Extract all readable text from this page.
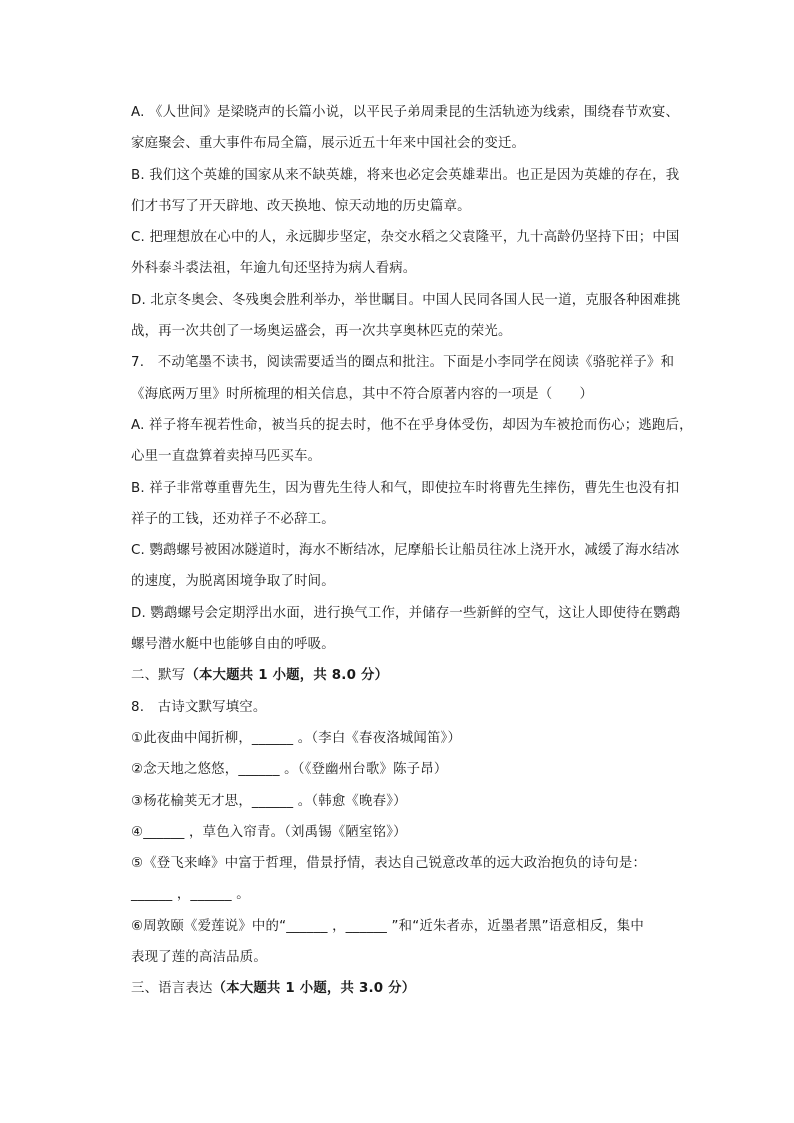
A. 《人世间》是梁晓声的长篇小说，以平民子弟周秉昆的生活轨迹为线索，围绕春节欢宴、
家庭聚会、重大事件布局全篇，展示近五十年来中国社会的变迁。
B. 我们这个英雄的国家从来不缺英雄，将来也必定会英雄辈出。也正是因为英雄的存在，我
们才书写了开天辟地、改天换地、惊天动地的历史篇章。
C. 把理想放在心中的人，永远脚步坚定，杂交水稻之父袁隆平，九十高龄仍坚持下田；中国
外科泰斗裘法祖，年逾九旬还坚持为病人看病。
D. 北京冬奥会、冬残奥会胜利举办，举世瞩目。中国人民同各国人民一道，克服各种困难挑
战，再一次共创了一场奥运盛会，再一次共享奥林匹克的荣光。
7.　不动笔墨不读书，阅读需要适当的圈点和批注。下面是小李同学在阅读《骆驼祥子》和
《海底两万里》时所梳理的相关信息，其中不符合原著内容的一项是（　　）
A. 祥子将车视若性命，被当兵的捉去时，他不在乎身体受伤，却因为车被抢而伤心；逃跑后，
心里一直盘算着卖掉马匹买车。
B. 祥子非常尊重曹先生，因为曹先生待人和气，即使拉车时将曹先生摔伤，曹先生也没有扣
祥子的工钱，还劝祥子不必辞工。
C. 鹦鹉螺号被困冰隧道时，海水不断结冰，尼摩船长让船员往冰上浇开水，减缓了海水结冰
的速度，为脱离困境争取了时间。
D. 鹦鹉螺号会定期浮出水面，进行换气工作，并储存一些新鲜的空气，这让人即使待在鹦鹉
螺号潜水艇中也能够自由的呼吸。
二、默写（本大题共 1 小题，共 8.0 分）
8.　古诗文默写填空。
①此夜曲中闻折柳，______ 。（李白《春夜洛城闻笛》）
②念天地之悠悠，______ 。（《登幽州台歌》陈子昂）
③杨花榆荚无才思，______ 。（韩愈《晚春》）
④______ ，草色入帘青。（刘禹锡《陋室铭》）
⑤《登飞来峰》中富于哲理，借景抒情，表达自己锐意改革的远大政治抱负的诗句是：
______ ，______ 。
⑥周敦颐《爱莲说》中的“______ ，______ ”和“近朱者赤，近墨者黑”语意相反，集中
表现了莲的高洁品质。
三、语言表达（本大题共 1 小题，共 3.0 分）
